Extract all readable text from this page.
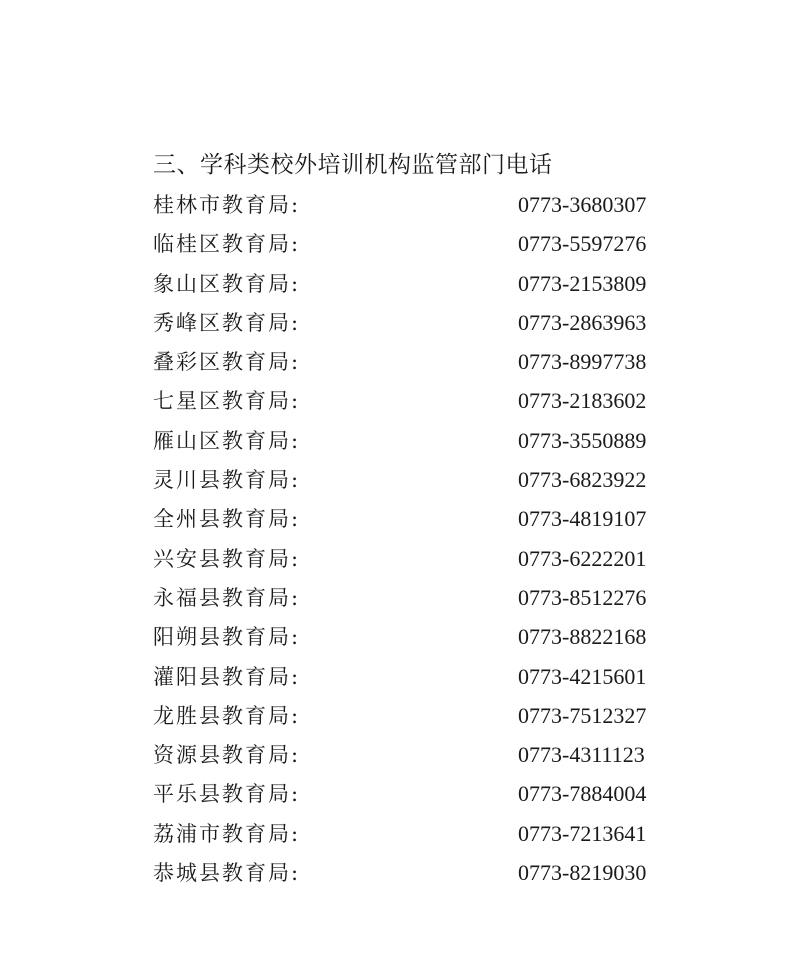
三、学科类校外培训机构监管部门电话
桂林市教育局:	0773-3680307
临桂区教育局:	0773-5597276
象山区教育局:	0773-2153809
秀峰区教育局:	0773-2863963
叠彩区教育局:	0773-8997738
七星区教育局:	0773-2183602
雁山区教育局:	0773-3550889
灵川县教育局:	0773-6823922
全州县教育局:	0773-4819107
兴安县教育局:	0773-6222201
永福县教育局:	0773-8512276
阳朔县教育局:	0773-8822168
灌阳县教育局:	0773-4215601
龙胜县教育局:	0773-7512327
资源县教育局:	0773-4311123
平乐县教育局:	0773-7884004
荔浦市教育局:	0773-7213641
恭城县教育局:	0773-8219030
